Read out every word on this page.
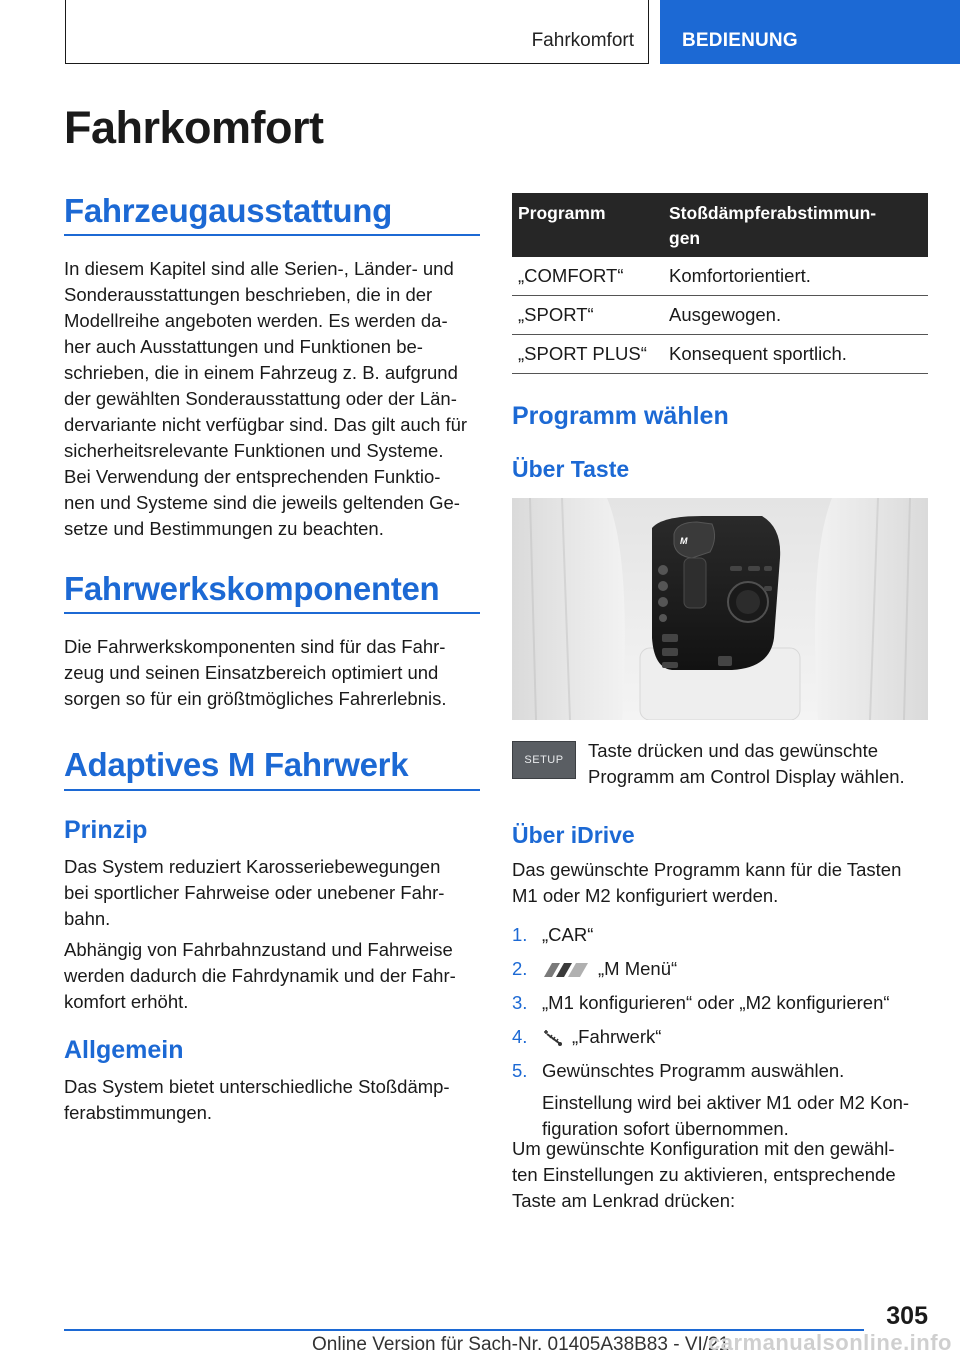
Fahrkomfort	BEDIENUNG
Fahrkomfort
Fahrzeugausstattung
In diesem Kapitel sind alle Serien-, Länder- und
Sonderausstattungen beschrieben, die in der
Modellreihe angeboten werden. Es werden da-
her auch Ausstattungen und Funktionen be-
schrieben, die in einem Fahrzeug z. B. aufgrund
der gewählten Sonderausstattung oder der Län-
dervariante nicht verfügbar sind. Das gilt auch für
sicherheitsrelevante Funktionen und Systeme.
Bei Verwendung der entsprechenden Funktio-
nen und Systeme sind die jeweils geltenden Ge-
setze und Bestimmungen zu beachten.
Fahrwerkskomponenten
Die Fahrwerkskomponenten sind für das Fahr-
zeug und seinen Einsatzbereich optimiert und
sorgen so für ein größtmögliches Fahrerlebnis.
Adaptives M Fahrwerk
Prinzip
Das System reduziert Karosseriebewegungen
bei sportlicher Fahrweise oder unebener Fahr-
bahn.
Abhängig von Fahrbahnzustand und Fahrweise
werden dadurch die Fahrdynamik und der Fahr-
komfort erhöht.
Allgemein
Das System bietet unterschiedliche Stoßdämp-
ferabstimmungen.
Programm	Stoßdämpferabstimmun-
gen
„COMFORT“	Komfortorientiert.
„SPORT“	Ausgewogen.
„SPORT PLUS“	Konsequent sportlich.
Programm wählen
Über Taste
M
SETUP	Taste drücken und das gewünschte
Programm am Control Display wählen.
Über iDrive
Das gewünschte Programm kann für die Tasten
M1 oder M2 konfiguriert werden.
1. „CAR“
2.	„M Menü“
3. „M1 konfigurieren“ oder „M2 konfigurieren“
4. „Fahrwerk“
5. Gewünschtes Programm auswählen.
Einstellung wird bei aktiver M1 oder M2 Kon-
figuration sofort übernommen.
Um gewünschte Konfiguration mit den gewähl-
ten Einstellungen zu aktivieren, entsprechende
Taste am Lenkrad drücken:
305
Online Version für Sach-Nr. 01405A38B83 - VI/21
carmanualsonline.info
